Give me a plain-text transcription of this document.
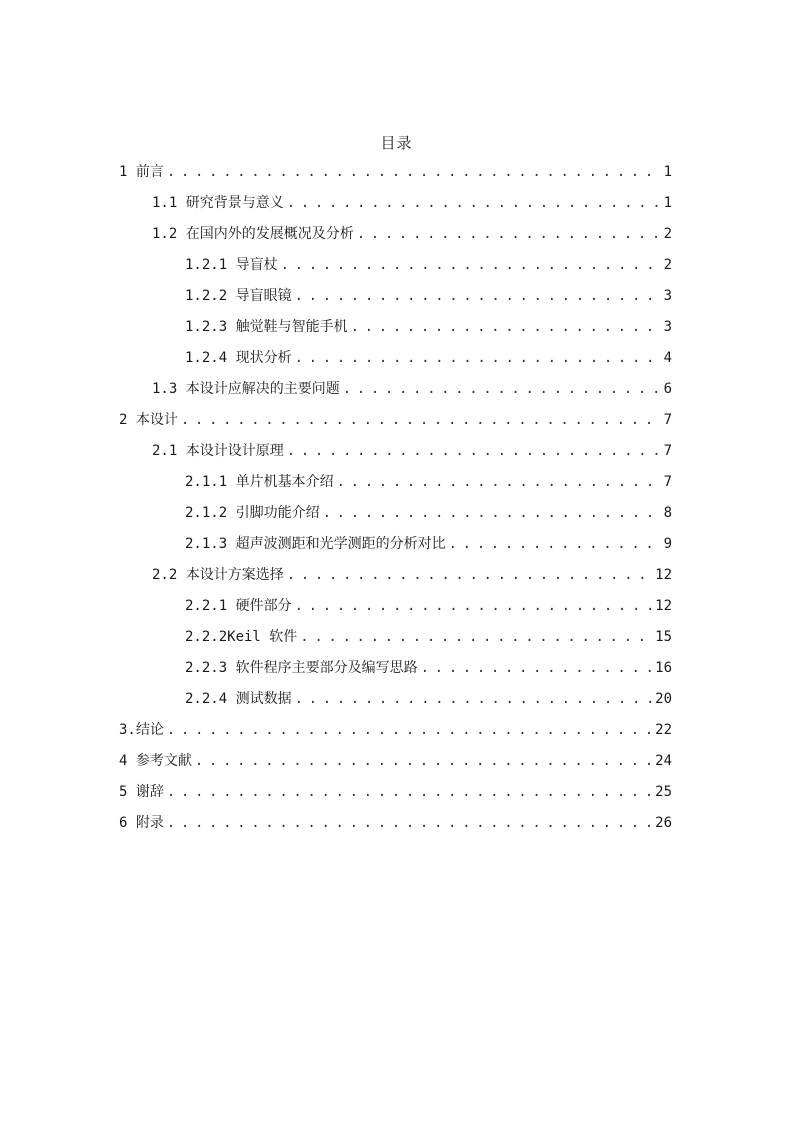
目录
1 前言 . . .	1
1.1 研究背景与意义 . . .	1
1.2 在国内外的发展概况及分析 . . .	2
1.2.1 导盲杖 . . .	2
1.2.2 导盲眼镜 . . .	3
1.2.3 触觉鞋与智能手机 . . .	3
1.2.4 现状分析 . . .	4
1.3 本设计应解决的主要问题 . . .	6
2 本设计 . . .	7
2.1 本设计设计原理 . . .	7
2.1.1 单片机基本介绍 . . .	7
2.1.2 引脚功能介绍 . . .	8
2.1.3 超声波测距和光学测距的分析对比 . . .	9
2.2 本设计方案选择 . . .	12
2.2.1 硬件部分 . . .	12
2.2.2Keil 软件 . . .	15
2.2.3 软件程序主要部分及编写思路 . . .	16
2.2.4 测试数据 . . .	20
3.结论 . . .	22
4 参考文献 . . .	24
5 谢辞 . . .	25
6 附录 . . .	26
